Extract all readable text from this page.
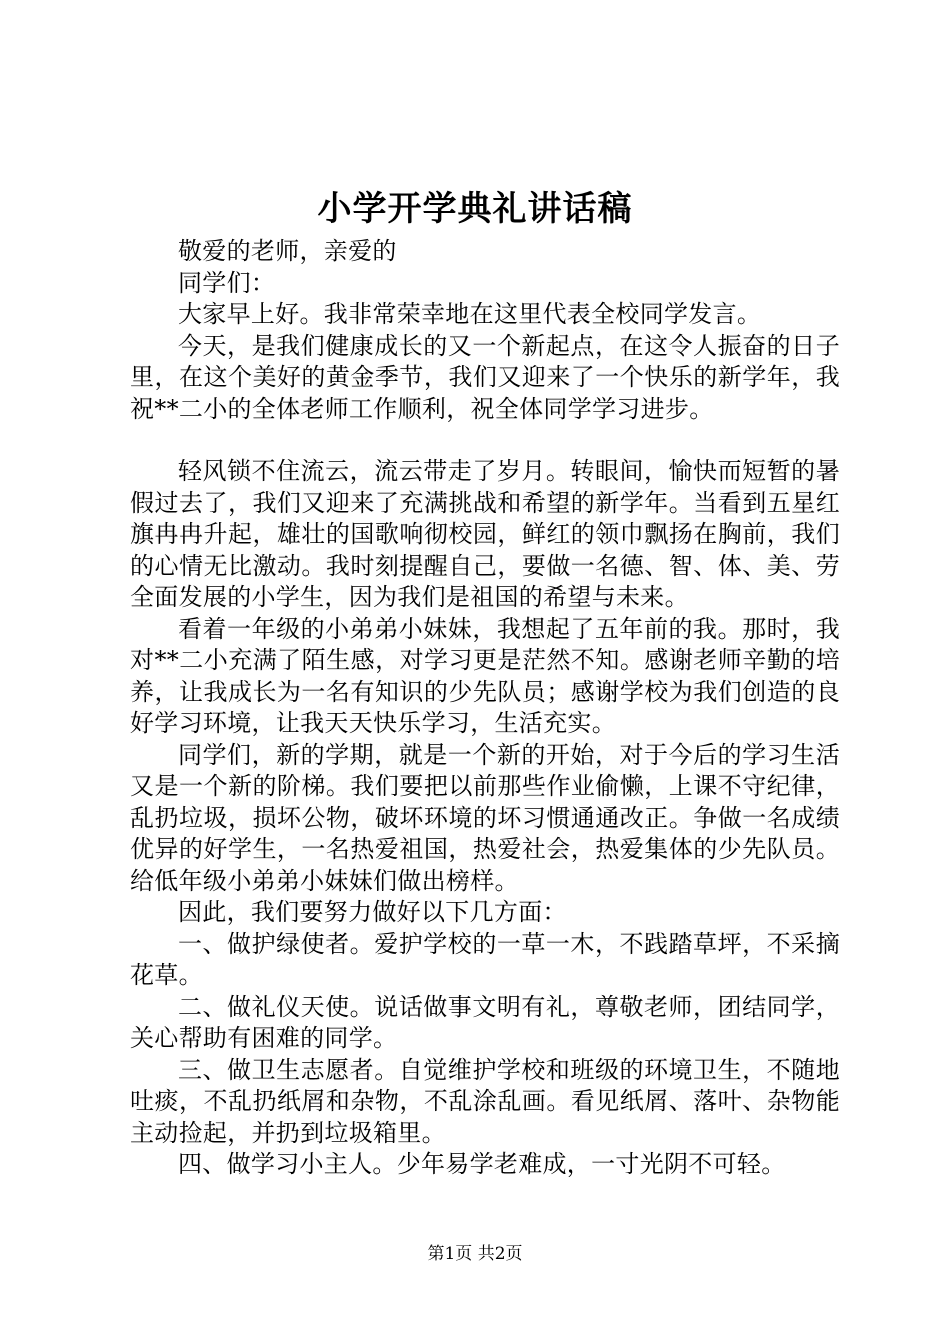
小学开学典礼讲话稿

敬爱的老师，亲爱的

同学们：

大家早上好。我非常荣幸地在这里代表全校同学发言。

今天，是我们健康成长的又一个新起点，在这令人振奋的日子里，在这个美好的黄金季节，我们又迎来了一个快乐的新学年，我祝**二小的全体老师工作顺利，祝全体同学学习进步。

轻风锁不住流云，流云带走了岁月。转眼间，愉快而短暂的暑假过去了，我们又迎来了充满挑战和希望的新学年。当看到五星红旗冉冉升起，雄壮的国歌响彻校园，鲜红的领巾飘扬在胸前，我们的心情无比激动。我时刻提醒自己，要做一名德、智、体、美、劳全面发展的小学生，因为我们是祖国的希望与未来。

看着一年级的小弟弟小妹妹，我想起了五年前的我。那时，我对**二小充满了陌生感，对学习更是茫然不知。感谢老师辛勤的培养，让我成长为一名有知识的少先队员；感谢学校为我们创造的良好学习环境，让我天天快乐学习，生活充实。

同学们，新的学期，就是一个新的开始，对于今后的学习生活又是一个新的阶梯。我们要把以前那些作业偷懒，上课不守纪律，乱扔垃圾，损坏公物，破坏环境的坏习惯通通改正。争做一名成绩优异的好学生，一名热爱祖国，热爱社会，热爱集体的少先队员。给低年级小弟弟小妹妹们做出榜样。

因此，我们要努力做好以下几方面：

一、做护绿使者。爱护学校的一草一木，不践踏草坪，不采摘花草。

二、做礼仪天使。说话做事文明有礼，尊敬老师，团结同学，关心帮助有困难的同学。

三、做卫生志愿者。自觉维护学校和班级的环境卫生，不随地吐痰，不乱扔纸屑和杂物，不乱涂乱画。看见纸屑、落叶、杂物能主动捡起，并扔到垃圾箱里。

四、做学习小主人。少年易学老难成，一寸光阴不可轻。

第1页 共2页
